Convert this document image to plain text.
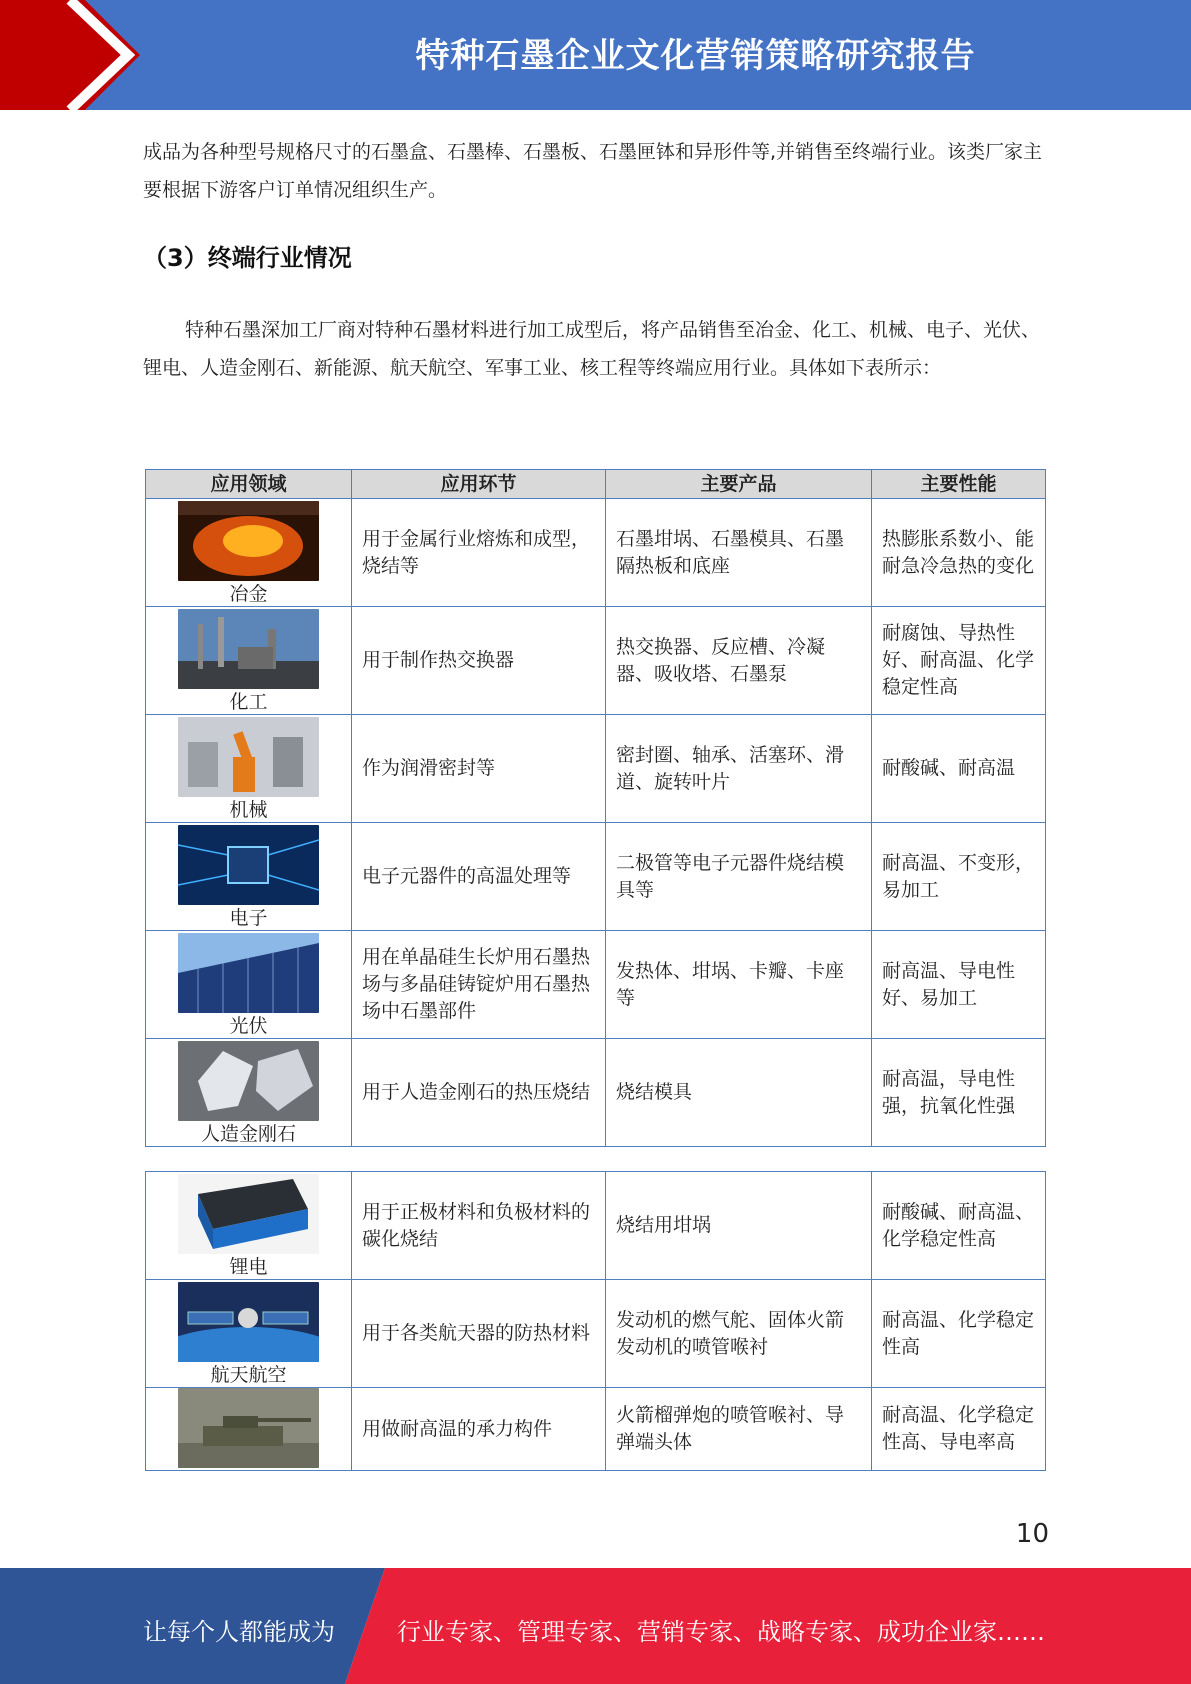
特种石墨企业文化营销策略研究报告
成品为各种型号规格尺寸的石墨盒、石墨棒、石墨板、石墨匣钵和异形件等,并销售至终端行业。该类厂家主要根据下游客户订单情况组织生产。
（3）终端行业情况
特种石墨深加工厂商对特种石墨材料进行加工成型后，将产品销售至冶金、化工、机械、电子、光伏、锂电、人造金刚石、新能源、航天航空、军事工业、核工程等终端应用行业。具体如下表所示：
应用领域	应用环节	主要产品	主要性能

冶金	用于金属行业熔炼和成型，烧结等	石墨坩埚、石墨模具、石墨隔热板和底座	热膨胀系数小、能耐急冷急热的变化

化工	用于制作热交换器	热交换器、反应槽、冷凝器、吸收塔、石墨泵	耐腐蚀、导热性好、耐高温、化学稳定性高

机械	作为润滑密封等	密封圈、轴承、活塞环、滑道、旋转叶片	耐酸碱、耐高温

电子	电子元器件的高温处理等	二极管等电子元器件烧结模具等	耐高温、不变形，易加工

光伏	用在单晶硅生长炉用石墨热场与多晶硅铸锭炉用石墨热场中石墨部件	发热体、坩埚、卡瓣、卡座等	耐高温、导电性好、易加工

人造金刚石	用于人造金刚石的热压烧结	烧结模具	耐高温，导电性强，抗氧化性强
锂电	用于正极材料和负极材料的碳化烧结	烧结用坩埚	耐酸碱、耐高温、化学稳定性高

航天航空	用于各类航天器的防热材料	发动机的燃气舵、固体火箭发动机的喷管喉衬	耐高温、化学稳定性高

	用做耐高温的承力构件	火箭榴弹炮的喷管喉衬、导弹端头体	耐高温、化学稳定性高、导电率高
10
让每个人都能成为	行业专家、管理专家、营销专家、战略专家、成功企业家……
